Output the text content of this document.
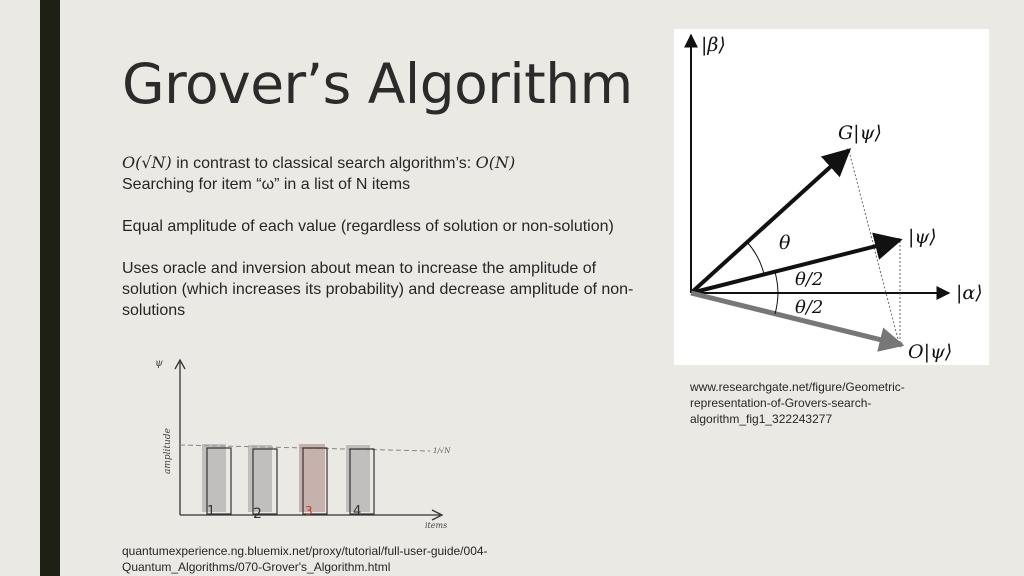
Grover’s Algorithm

O(√N) in contrast to classical search algorithm’s: O(N)
Searching for item “ω” in a list of N items

Equal amplitude of each value (regardless of solution or non-solution)

Uses oracle and inversion about mean to increase the amplitude of solution (which increases its probability) and decrease amplitude of non-solutions

|β⟩
G|ψ⟩
|ψ⟩
|α⟩
O|ψ⟩
θ
θ/2
θ/2
www.researchgate.net/figure/Geometric-representation-of-Grovers-search-algorithm_fig1_322243277
ψ
amplitude	1/√N
items
1	2	3	4
quantumexperience.ng.bluemix.net/proxy/tutorial/full-user-guide/004-Quantum_Algorithms/070-Grover's_Algorithm.html
